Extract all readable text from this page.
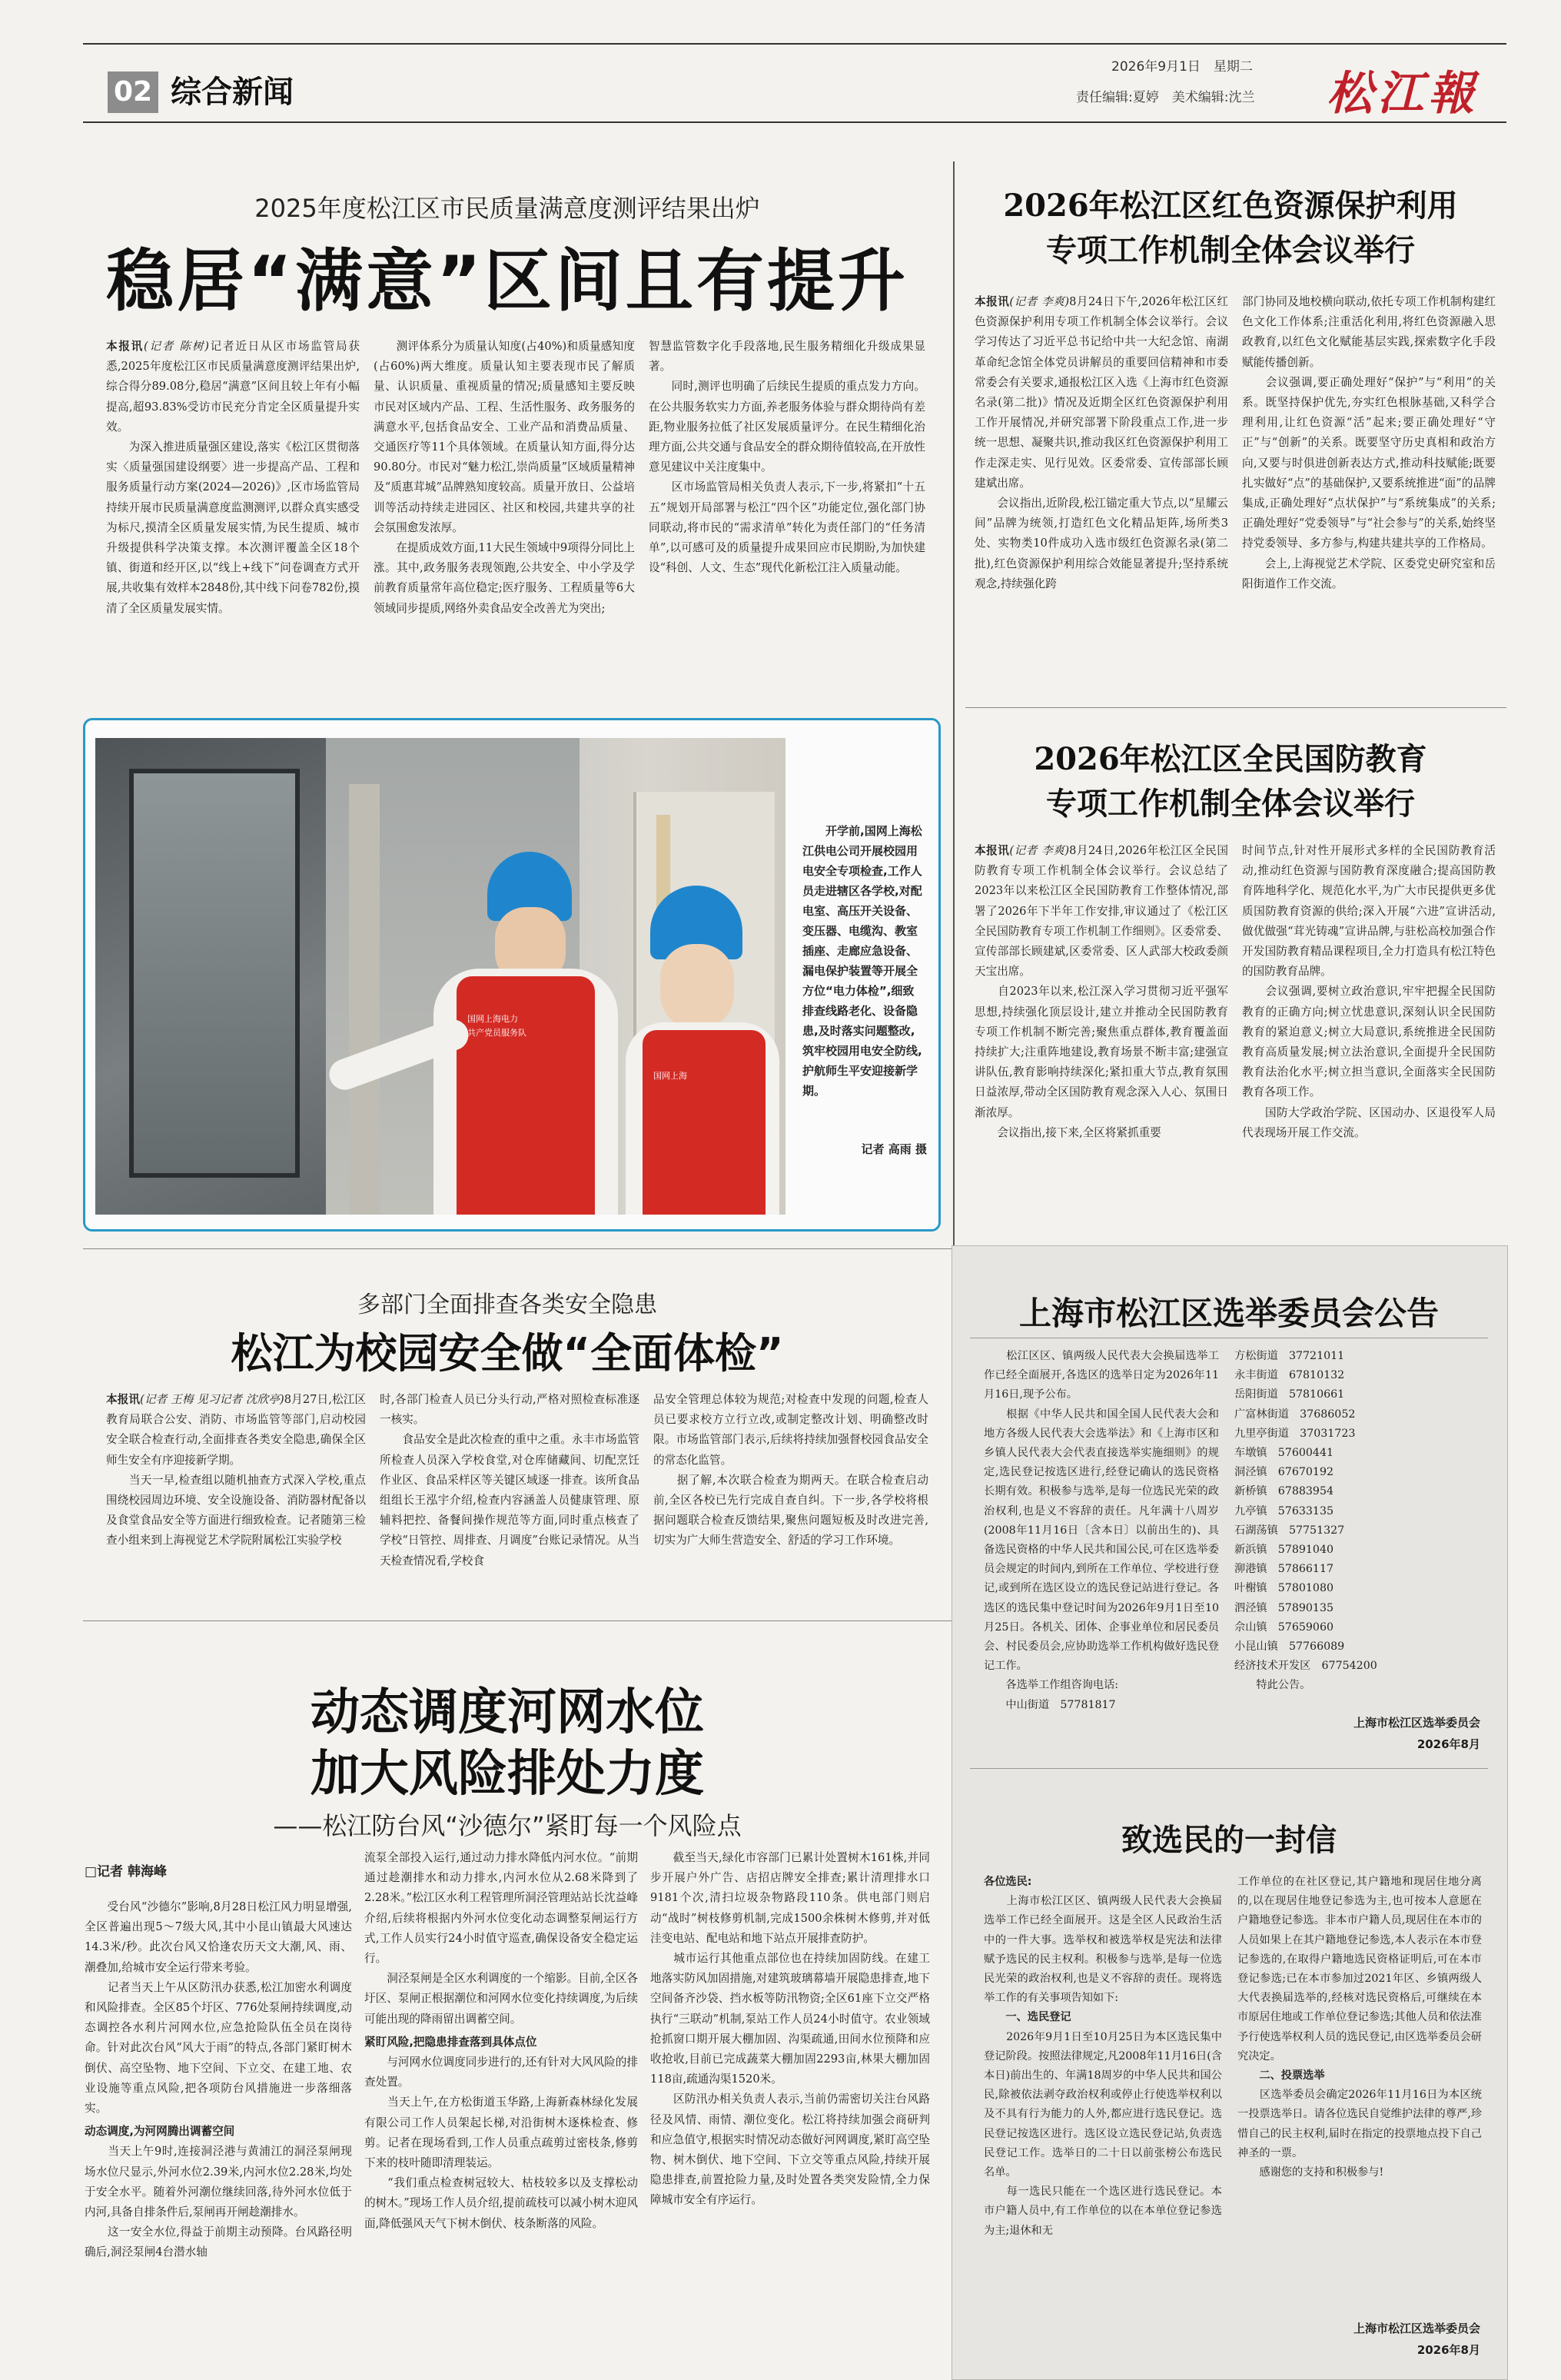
02 综合新闻
2026年9月1日　星期二
责任编辑:夏婷　美术编辑:沈兰 松江報
2025年度松江区市民质量满意度测评结果出炉
稳居“满意”区间且有提升
本报讯(记者 陈树)记者近日从区市场监管局获悉,2025年度松江区市民质量满意度测评结果出炉,综合得分89.08分,稳居“满意”区间且较上年有小幅提高,超93.83%受访市民充分肯定全区质量提升实效。
　　为深入推进质量强区建设,落实《松江区贯彻落实〈质量强国建设纲要〉进一步提高产品、工程和服务质量行动方案(2024—2026)》,区市场监管局持续开展市民质量满意度监测测评,以群众真实感受为标尺,摸清全区质量发展实情,为民生提质、城市升级提供科学决策支撑。本次测评覆盖全区18个镇、街道和经开区,以“线上+线下”问卷调查方式开展,共收集有效样本2848份,其中线下问卷782份,摸清了全区质量发展实情。
　　测评体系分为质量认知度(占40%)和质量感知度(占60%)两大维度。质量认知主要表现市民了解质量、认识质量、重视质量的情况;质量感知主要反映市民对区域内产品、工程、生活性服务、政务服务的满意水平,包括食品安全、工业产品和消费品质量、交通医疗等11个具体领域。在质量认知方面,得分达90.80分。市民对“魅力松江,崇尚质量”区域质量精神及“质惠茸城”品牌熟知度较高。质量开放日、公益培训等活动持续走进园区、社区和校园,共建共享的社会氛围愈发浓厚。
　　在提质成效方面,11大民生领域中9项得分同比上涨。其中,政务服务表现领跑,公共安全、中小学及学前教育质量常年高位稳定;医疗服务、工程质量等6大领域同步提质,网络外卖食品安全改善尤为突出;
智慧监管数字化手段落地,民生服务精细化升级成果显著。
　　同时,测评也明确了后续民生提质的重点发力方向。在公共服务软实力方面,养老服务体验与群众期待尚有差距,物业服务拉低了社区发展质量评分。在民生精细化治理方面,公共交通与食品安全的群众期待值较高,在开放性意见建议中关注度集中。
　　区市场监管局相关负责人表示,下一步,将紧扣“十五五”规划开局部署与松江“四个区”功能定位,强化部门协同联动,将市民的“需求清单”转化为责任部门的“任务清单”,以可感可及的质量提升成果回应市民期盼,为加快建设“科创、人文、生态”现代化新松江注入质量动能。
国网上海电力
共产党员服务队
国网上海
开学前,国网上海松江供电公司开展校园用电安全专项检查,工作人员走进辖区各学校,对配电室、高压开关设备、变压器、电缆沟、教室插座、走廊应急设备、漏电保护装置等开展全方位“电力体检”,细致排查线路老化、设备隐患,及时落实问题整改,筑牢校园用电安全防线,护航师生平安迎接新学期。
记者 高雨 摄
2026年松江区红色资源保护利用
专项工作机制全体会议举行
本报讯(记者 李爽)8月24日下午,2026年松江区红色资源保护利用专项工作机制全体会议举行。会议学习传达了习近平总书记给中共一大纪念馆、南湖革命纪念馆全体党员讲解员的重要回信精神和市委常委会有关要求,通报松江区入选《上海市红色资源名录(第二批)》情况及近期全区红色资源保护利用工作开展情况,并研究部署下阶段重点工作,进一步统一思想、凝聚共识,推动我区红色资源保护利用工作走深走实、见行见效。区委常委、宣传部部长顾建斌出席。
　　会议指出,近阶段,松江锚定重大节点,以“星耀云间”品牌为统领,打造红色文化精品矩阵,场所类3处、实物类10件成功入选市级红色资源名录(第二批),红色资源保护利用综合效能显著提升;坚持系统观念,持续强化跨
部门协同及地校横向联动,依托专项工作机制构建红色文化工作体系;注重活化利用,将红色资源融入思政教育,以红色文化赋能基层实践,探索数字化手段赋能传播创新。
　　会议强调,要正确处理好“保护”与“利用”的关系。既坚持保护优先,夯实红色根脉基础,又科学合理利用,让红色资源“活”起来;要正确处理好“守正”与“创新”的关系。既要坚守历史真相和政治方向,又要与时俱进创新表达方式,推动科技赋能;既要扎实做好“点”的基础保护,又要系统推进“面”的品牌集成,正确处理好“点状保护”与“系统集成”的关系;正确处理好“党委领导”与“社会参与”的关系,始终坚持党委领导、多方参与,构建共建共享的工作格局。
　　会上,上海视觉艺术学院、区委党史研究室和岳阳街道作工作交流。
2026年松江区全民国防教育
专项工作机制全体会议举行
本报讯(记者 李爽)8月24日,2026年松江区全民国防教育专项工作机制全体会议举行。会议总结了2023年以来松江区全民国防教育工作整体情况,部署了2026年下半年工作安排,审议通过了《松江区全民国防教育专项工作机制工作细则》。区委常委、宣传部部长顾建斌,区委常委、区人武部大校政委颜天宝出席。
　　自2023年以来,松江深入学习贯彻习近平强军思想,持续强化顶层设计,建立并推动全民国防教育专项工作机制不断完善;聚焦重点群体,教育覆盖面持续扩大;注重阵地建设,教育场景不断丰富;建强宣讲队伍,教育影响持续深化;紧扣重大节点,教育氛围日益浓厚,带动全区国防教育观念深入人心、氛围日渐浓厚。
　　会议指出,接下来,全区将紧抓重要
时间节点,针对性开展形式多样的全民国防教育活动,推动红色资源与国防教育深度融合;提高国防教育阵地科学化、规范化水平,为广大市民提供更多优质国防教育资源的供给;深入开展“六进”宣讲活动,做优做强“茸光铸魂”宣讲品牌,与驻松高校加强合作开发国防教育精品课程项目,全力打造具有松江特色的国防教育品牌。
　　会议强调,要树立政治意识,牢牢把握全民国防教育的正确方向;树立忧患意识,深刻认识全民国防教育的紧迫意义;树立大局意识,系统推进全民国防教育高质量发展;树立法治意识,全面提升全民国防教育法治化水平;树立担当意识,全面落实全民国防教育各项工作。
　　国防大学政治学院、区国动办、区退役军人局代表现场开展工作交流。
多部门全面排查各类安全隐患
松江为校园安全做“全面体检”
本报讯(记者 王梅 见习记者 沈欣亭)8月27日,松江区教育局联合公安、消防、市场监管等部门,启动校园安全联合检查行动,全面排查各类安全隐患,确保全区师生安全有序迎接新学期。
　　当天一早,检查组以随机抽查方式深入学校,重点围绕校园周边环境、安全设施设备、消防器材配备以及食堂食品安全等方面进行细致检查。记者随第三检查小组来到上海视觉艺术学院附属松江实验学校
时,各部门检查人员已分头行动,严格对照检查标准逐一核实。
　　食品安全是此次检查的重中之重。永丰市场监管所检查人员深入学校食堂,对仓库储藏间、切配烹饪作业区、食品采样区等关键区域逐一排查。该所食品组组长王泓宇介绍,检查内容涵盖人员健康管理、原辅料把控、备餐间操作规范等方面,同时重点核查了学校“日管控、周排查、月调度”台账记录情况。从当天检查情况看,学校食
品安全管理总体较为规范;对检查中发现的问题,检查人员已要求校方立行立改,或制定整改计划、明确整改时限。市场监管部门表示,后续将持续加强督校园食品安全的常态化监管。
　　据了解,本次联合检查为期两天。在联合检查启动前,全区各校已先行完成自查自纠。下一步,各学校将根据问题联合检查反馈结果,聚焦问题短板及时改进完善,切实为广大师生营造安全、舒适的学习工作环境。
动态调度河网水位
加大风险排处力度
——松江防台风“沙德尔”紧盯每一个风险点
□记者 韩海峰
　　受台风“沙德尔”影响,8月28日松江风力明显增强,全区普遍出现5～7级大风,其中小昆山镇最大风速达14.3米/秒。此次台风又恰逢农历天文大潮,风、雨、潮叠加,给城市安全运行带来考验。
　　记者当天上午从区防汛办获悉,松江加密水利调度和风险排查。全区85个圩区、776处泵闸持续调度,动态调控各水利片河网水位,应急抢险队伍全员在岗待命。针对此次台风“风大于雨”的特点,各部门紧盯树木倒伏、高空坠物、地下空间、下立交、在建工地、农业设施等重点风险,把各项防台风措施进一步落细落实。
动态调度,为河网腾出调蓄空间
　　当天上午9时,连接洞泾港与黄浦江的洞泾泵闸现场水位尺显示,外河水位2.39米,内河水位2.28米,均处于安全水平。随着外河潮位继续回落,待外河水位低于内河,具备自排条件后,泵闸再开闸趁潮排水。
　　这一安全水位,得益于前期主动预降。台风路径明确后,洞泾泵闸4台潜水轴
流泵全部投入运行,通过动力排水降低内河水位。“前期通过趁潮排水和动力排水,内河水位从2.68米降到了2.28米。”松江区水利工程管理所洞泾管理站站长沈益峰介绍,后续将根据内外河水位变化动态调整泵闸运行方式,工作人员实行24小时值守巡查,确保设备安全稳定运行。
　　洞泾泵闸是全区水利调度的一个缩影。目前,全区各圩区、泵闸正根据潮位和河网水位变化持续调度,为后续可能出现的降雨留出调蓄空间。
紧盯风险,把隐患排查落到具体点位
　　与河网水位调度同步进行的,还有针对大风风险的排查处置。
　　当天上午,在方松街道玉华路,上海新森林绿化发展有限公司工作人员架起长梯,对沿街树木逐株检查、修剪。记者在现场看到,工作人员重点疏剪过密枝条,修剪下来的枝叶随即清理装运。
　　“我们重点检查树冠较大、枯枝较多以及支撑松动的树木。”现场工作人员介绍,提前疏枝可以减小树木迎风面,降低强风天气下树木倒伏、枝条断落的风险。
　　截至当天,绿化市容部门已累计处置树木161株,并同步开展户外广告、店招店牌安全排查;累计清理排水口9181个次,清扫垃圾杂物路段110条。供电部门则启动“战时”树枝修剪机制,完成1500余株树木修剪,并对低洼变电站、配电站和地下站点开展排查防护。
　　城市运行其他重点部位也在持续加固防线。在建工地落实防风加固措施,对建筑玻璃幕墙开展隐患排查,地下空间备齐沙袋、挡水板等防汛物资;全区61座下立交严格执行“三联动”机制,泵站工作人员24小时值守。农业领域抢抓窗口期开展大棚加固、沟渠疏通,田间水位预降和应收抢收,目前已完成蔬菜大棚加固2293亩,林果大棚加固118亩,疏通沟渠1520米。
　　区防汛办相关负责人表示,当前仍需密切关注台风路径及风情、雨情、潮位变化。松江将持续加强会商研判和应急值守,根据实时情况动态做好河网调度,紧盯高空坠物、树木倒伏、地下空间、下立交等重点风险,持续开展隐患排查,前置抢险力量,及时处置各类突发险情,全力保障城市安全有序运行。
上海市松江区选举委员会公告
　　松江区区、镇两级人民代表大会换届选举工作已经全面展开,各选区的选举日定为2026年11月16日,现予公布。
　　根据《中华人民共和国全国人民代表大会和地方各级人民代表大会选举法》和《上海市区和乡镇人民代表大会代表直接选举实施细则》的规定,选民登记按选区进行,经登记确认的选民资格长期有效。积极参与选举,是每一位选民光荣的政治权利,也是义不容辞的责任。凡年满十八周岁(2008年11月16日〔含本日〕以前出生的)、具备选民资格的中华人民共和国公民,可在区选举委员会规定的时间内,到所在工作单位、学校进行登记,或到所在选区设立的选民登记站进行登记。各选区的选民集中登记时间为2026年9月1日至10月25日。各机关、团体、企事业单位和居民委员会、村民委员会,应协助选举工作机构做好选民登记工作。
　　各选举工作组咨询电话:
中山街道　 57781817
方松街道　 37721011
永丰街道　 67810132
岳阳街道　 57810661
广富林街道　 37686052
九里亭街道　 37031723
车墩镇　 57600441
洞泾镇　 67670192
新桥镇　 67883954
九亭镇　 57633135
石湖荡镇　 57751327
新浜镇　 57891040
泖港镇　 57866117
叶榭镇　 57801080
泗泾镇　 57890135
佘山镇　 57659060
小昆山镇　 57766089
经济技术开发区　 67754200
特此公告。
上海市松江区选举委员会
2026年8月
致选民的一封信
各位选民:
　　上海市松江区区、镇两级人民代表大会换届选举工作已经全面展开。这是全区人民政治生活中的一件大事。选举权和被选举权是宪法和法律赋予选民的民主权利。积极参与选举,是每一位选民光荣的政治权利,也是义不容辞的责任。现将选举工作的有关事项告知如下:
一、选民登记
　　2026年9月1日至10月25日为本区选民集中登记阶段。按照法律规定,凡2008年11月16日(含本日)前出生的、年满18周岁的中华人民共和国公民,除被依法剥夺政治权利或停止行使选举权利以及不具有行为能力的人外,都应进行选民登记。选民登记按选区进行。选区设立选民登记站,负责选民登记工作。选举日的二十日以前张榜公布选民名单。
　　每一选民只能在一个选区进行选民登记。本市户籍人员中,有工作单位的以在本单位登记参选为主;退休和无
工作单位的在社区登记,其户籍地和现居住地分离的,以在现居住地登记参选为主,也可按本人意愿在户籍地登记参选。非本市户籍人员,现居住在本市的人员如果上在其户籍地登记参选,本人表示在本市登记参选的,在取得户籍地选民资格证明后,可在本市登记参选;已在本市参加过2021年区、乡镇两级人大代表换届选举的,经核对选民资格后,可继续在本市原居住地或工作单位登记参选;其他人员和依法准予行使选举权利人员的选民登记,由区选举委员会研究决定。
二、投票选举
　　区选举委员会确定2026年11月16日为本区统一投票选举日。请各位选民自觉维护法律的尊严,珍惜自己的民主权利,届时在指定的投票地点投下自己神圣的一票。
　　感谢您的支持和积极参与!
上海市松江区选举委员会
2026年8月
